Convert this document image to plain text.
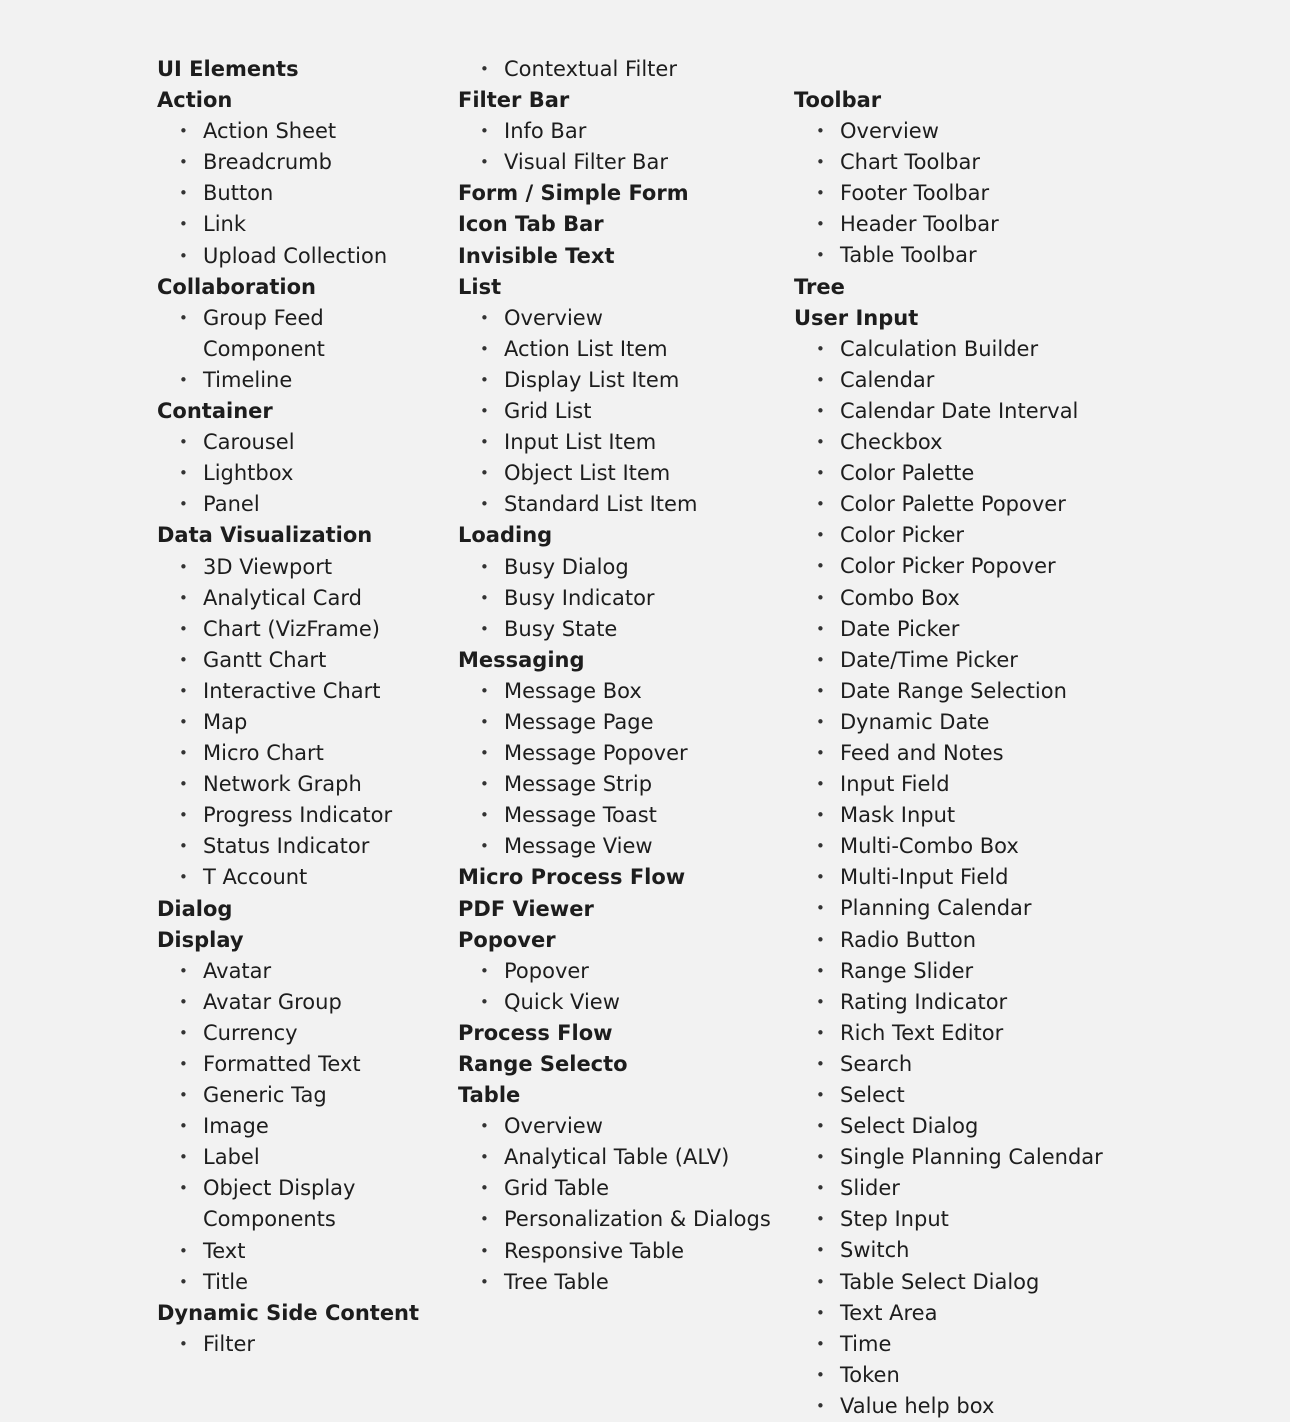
UI Elements
Action
• Action Sheet
• Breadcrumb
• Button
• Link
• Upload Collection
Collaboration
• Group Feed
Component
• Timeline
Container
• Carousel
• Lightbox
• Panel
Data Visualization
• 3D Viewport
• Analytical Card
• Chart (VizFrame)
• Gantt Chart
• Interactive Chart
• Map
• Micro Chart
• Network Graph
• Progress Indicator
• Status Indicator
• T Account
Dialog
Display
• Avatar
• Avatar Group
• Currency
• Formatted Text
• Generic Tag
• Image
• Label
• Object Display
Components
• Text
• Title
Dynamic Side Content
• Filter
• Contextual Filter
Filter Bar
• Info Bar
• Visual Filter Bar
Form / Simple Form
Icon Tab Bar
Invisible Text
List
• Overview
• Action List Item
• Display List Item
• Grid List
• Input List Item
• Object List Item
• Standard List Item
Loading
• Busy Dialog
• Busy Indicator
• Busy State
Messaging
• Message Box
• Message Page
• Message Popover
• Message Strip
• Message Toast
• Message View
Micro Process Flow
PDF Viewer
Popover
• Popover
• Quick View
Process Flow
Range Selecto
Table
• Overview
• Analytical Table (ALV)
• Grid Table
• Personalization & Dialogs
• Responsive Table
• Tree Table
Toolbar
• Overview
• Chart Toolbar
• Footer Toolbar
• Header Toolbar
• Table Toolbar
Tree
User Input
• Calculation Builder
• Calendar
• Calendar Date Interval
• Checkbox
• Color Palette
• Color Palette Popover
• Color Picker
• Color Picker Popover
• Combo Box
• Date Picker
• Date/Time Picker
• Date Range Selection
• Dynamic Date
• Feed and Notes
• Input Field
• Mask Input
• Multi-Combo Box
• Multi-Input Field
• Planning Calendar
• Radio Button
• Range Slider
• Rating Indicator
• Rich Text Editor
• Search
• Select
• Select Dialog
• Single Planning Calendar
• Slider
• Step Input
• Switch
• Table Select Dialog
• Text Area
• Time
• Token
• Value help box
